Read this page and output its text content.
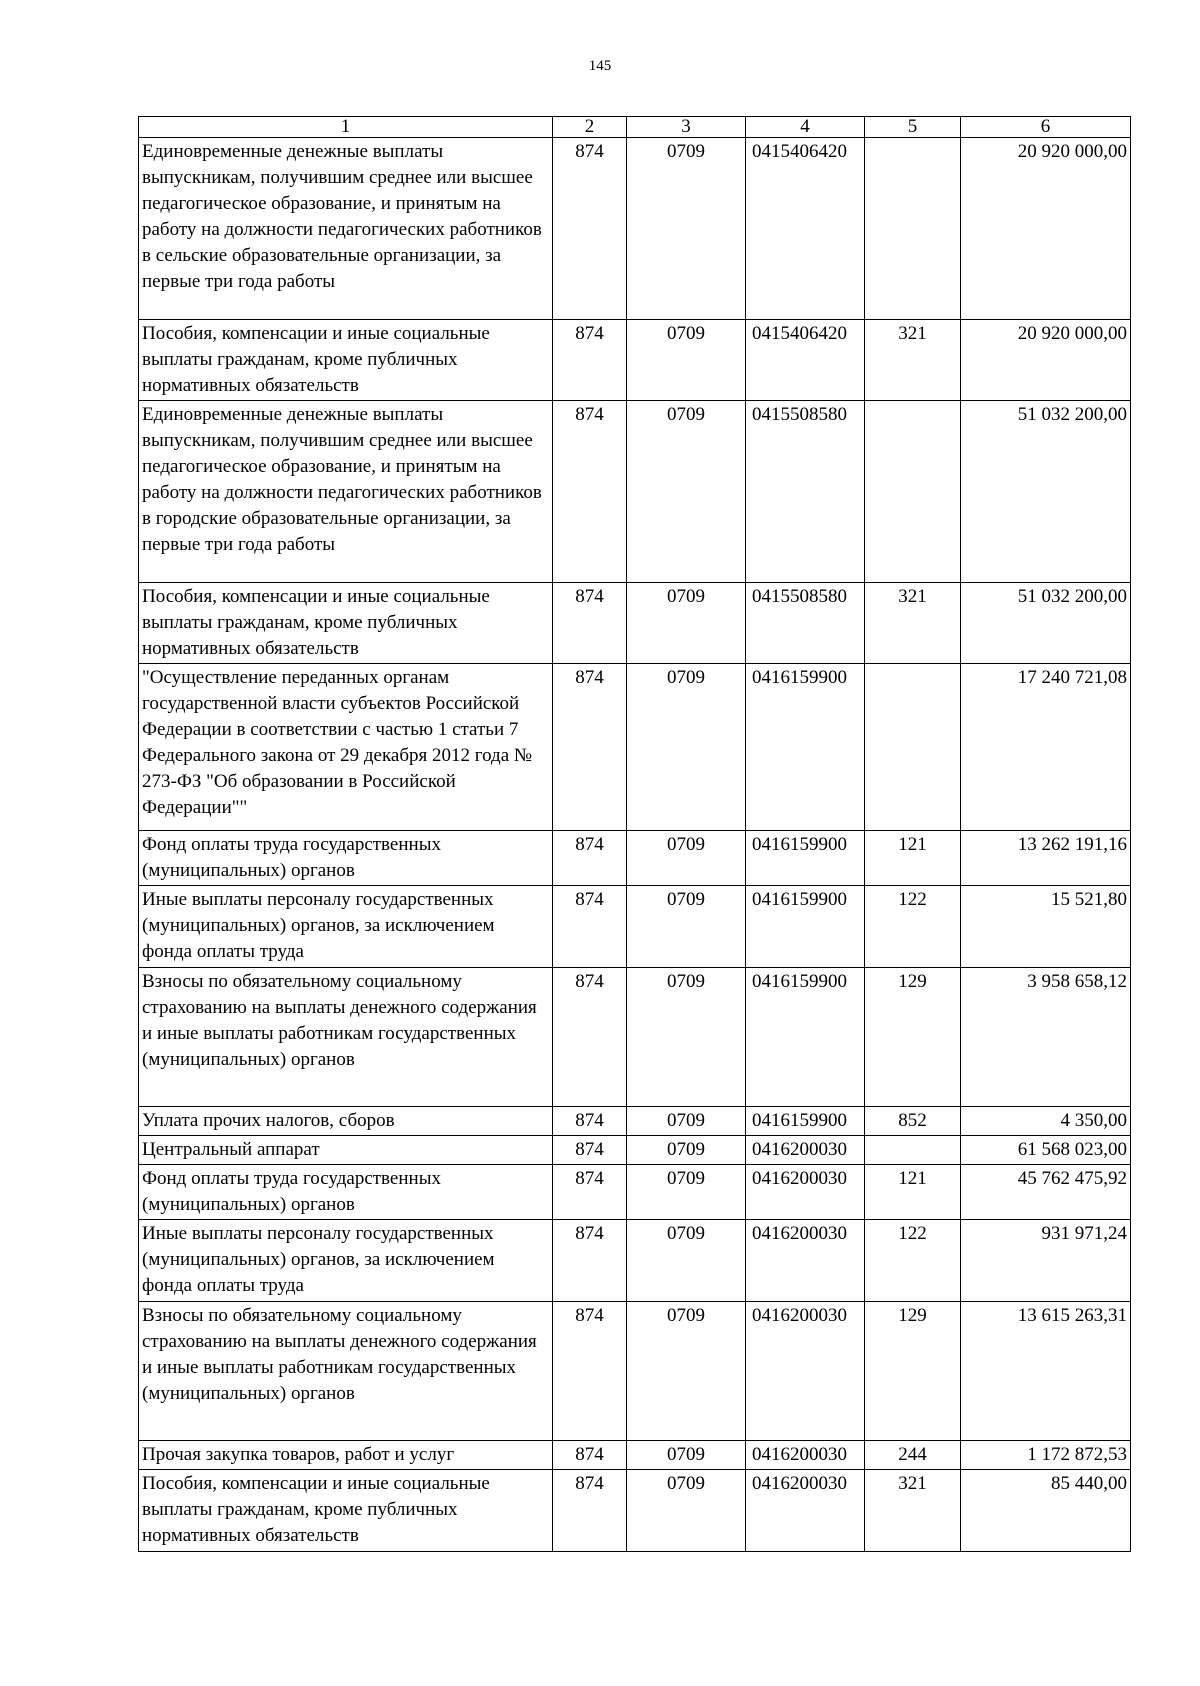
145
1	2	3	4	5	6
Единовременные денежные выплаты выпускникам, получившим среднее или высшее педагогическое образование, и принятым на работу на должности педагогических работников в сельские образовательные организации, за первые три года работы	874	0709	0415406420		20 920 000,00
Пособия, компенсации и иные социальные выплаты гражданам, кроме публичных нормативных обязательств	874	0709	0415406420	321	20 920 000,00
Единовременные денежные выплаты выпускникам, получившим среднее или высшее педагогическое образование, и принятым на работу на должности педагогических работников в городские образовательные организации, за первые три года работы	874	0709	0415508580		51 032 200,00
Пособия, компенсации и иные социальные выплаты гражданам, кроме публичных нормативных обязательств	874	0709	0415508580	321	51 032 200,00
"Осуществление переданных органам государственной власти субъектов Российской Федерации в соответствии с частью 1 статьи 7 Федерального закона от 29 декабря 2012 года № 273-ФЗ "Об образовании в Российской Федерации""	874	0709	0416159900		17 240 721,08
Фонд оплаты труда государственных (муниципальных) органов	874	0709	0416159900	121	13 262 191,16
Иные выплаты персоналу государственных (муниципальных) органов, за исключением фонда оплаты труда	874	0709	0416159900	122	15 521,80
Взносы по обязательному социальному страхованию на выплаты денежного содержания и иные выплаты работникам государственных (муниципальных) органов	874	0709	0416159900	129	3 958 658,12
Уплата прочих налогов, сборов	874	0709	0416159900	852	4 350,00
Центральный аппарат	874	0709	0416200030		61 568 023,00
Фонд оплаты труда государственных (муниципальных) органов	874	0709	0416200030	121	45 762 475,92
Иные выплаты персоналу государственных (муниципальных) органов, за исключением фонда оплаты труда	874	0709	0416200030	122	931 971,24
Взносы по обязательному социальному страхованию на выплаты денежного содержания и иные выплаты работникам государственных (муниципальных) органов	874	0709	0416200030	129	13 615 263,31
Прочая закупка товаров, работ и услуг	874	0709	0416200030	244	1 172 872,53
Пособия, компенсации и иные социальные выплаты гражданам, кроме публичных нормативных обязательств	874	0709	0416200030	321	85 440,00
